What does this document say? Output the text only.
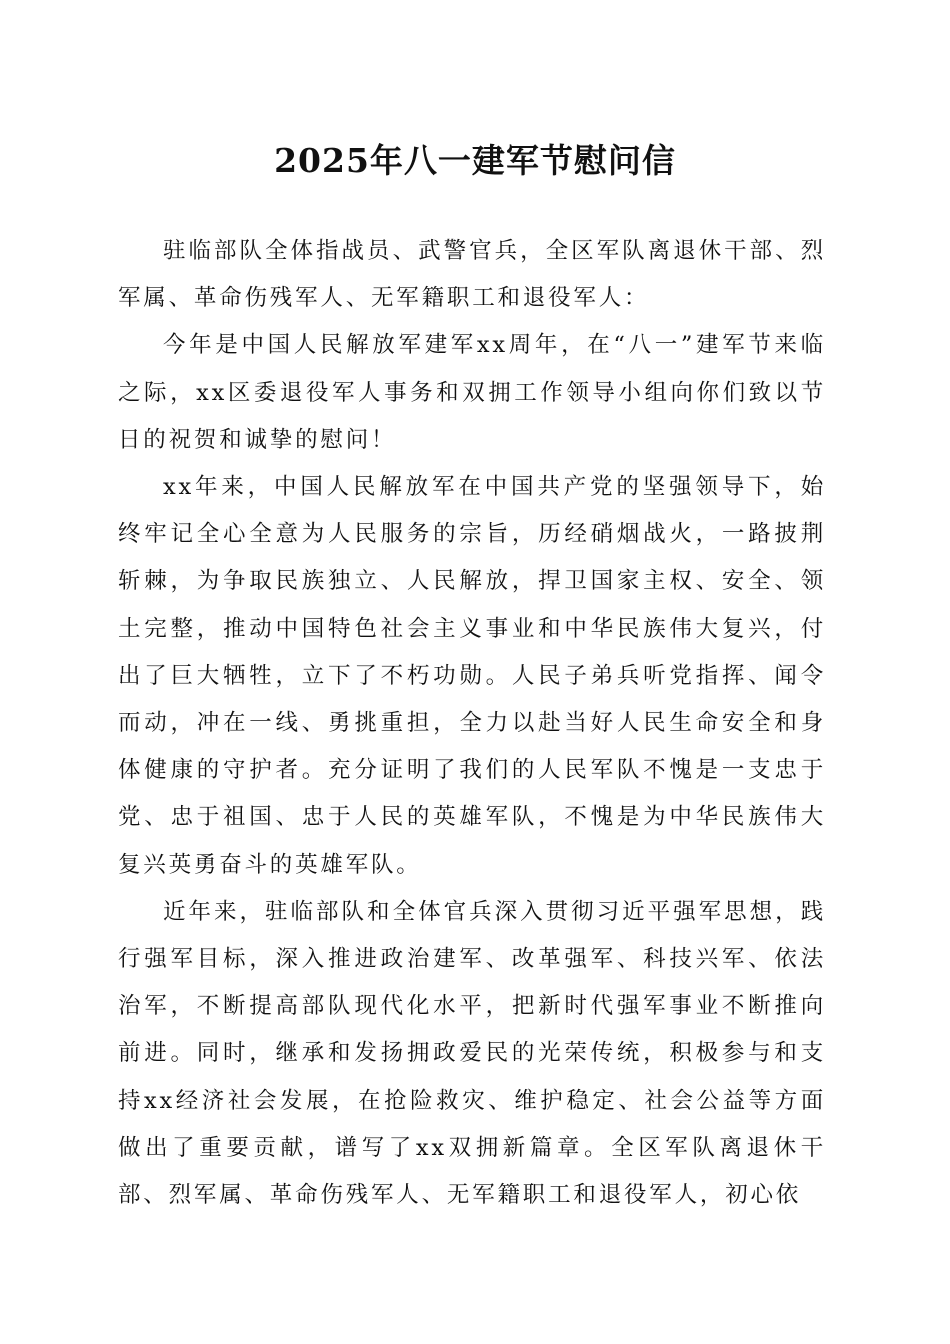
2025年八一建军节慰问信

驻临部队全体指战员、武警官兵，全区军队离退休干部、烈军属、革命伤残军人、无军籍职工和退役军人：

今年是中国人民解放军建军xx周年，在“八一”建军节来临之际，xx区委退役军人事务和双拥工作领导小组向你们致以节日的祝贺和诚挚的慰问！

xx年来，中国人民解放军在中国共产党的坚强领导下，始终牢记全心全意为人民服务的宗旨，历经硝烟战火，一路披荆斩棘，为争取民族独立、人民解放，捍卫国家主权、安全、领土完整，推动中国特色社会主义事业和中华民族伟大复兴，付出了巨大牺牲，立下了不朽功勋。人民子弟兵听党指挥、闻令而动，冲在一线、勇挑重担，全力以赴当好人民生命安全和身体健康的守护者。充分证明了我们的人民军队不愧是一支忠于党、忠于祖国、忠于人民的英雄军队，不愧是为中华民族伟大复兴英勇奋斗的英雄军队。

近年来，驻临部队和全体官兵深入贯彻习近平强军思想，践行强军目标，深入推进政治建军、改革强军、科技兴军、依法治军，不断提高部队现代化水平，把新时代强军事业不断推向前进。同时，继承和发扬拥政爱民的光荣传统，积极参与和支持xx经济社会发展，在抢险救灾、维护稳定、社会公益等方面做出了重要贡献，谱写了xx双拥新篇章。全区军队离退休干部、烈军属、革命伤残军人、无军籍职工和退役军人，初心依
